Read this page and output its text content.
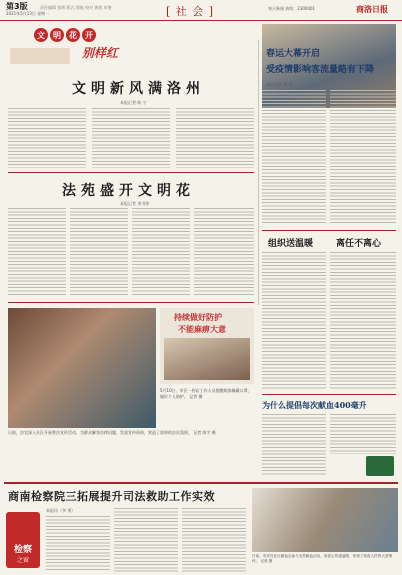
第3版
2021年5月13日 星期一
责任编辑 张辉 版式 徐航 校对 黄凯 审签	[ 社 会 ]	每天新闻 热线：2300001	商洛日报
文	明	花	开
别样红
文明新风满洛州
本报记者 陈 宁
法苑盛开文明花
本报记者 李书荣
持续做好防护
不能麻痹大意
5月10日，市区一药店工作人员提醒顾客佩戴口罩，做好个人防护。 记者 摄
日前，法官深入社区开展普法宣传活动，为群众解答法律问题，发放宣传资料，营造了浓厚的法治氛围。 记者 陈宇 摄
春运大幕开启
受疫情影响客流量略有下降
本报记者 刘 洋
组织送温暖	离任不离心
为什么提倡每次献血400毫升
商南检察院三拓展提升司法救助工作实效
检察
之窗
本报讯（李 勇）
日前，市民在社区献血点参与无偿献血活动，用爱心传递温暖，体现了商洛人民的大爱情怀。 记者 摄
